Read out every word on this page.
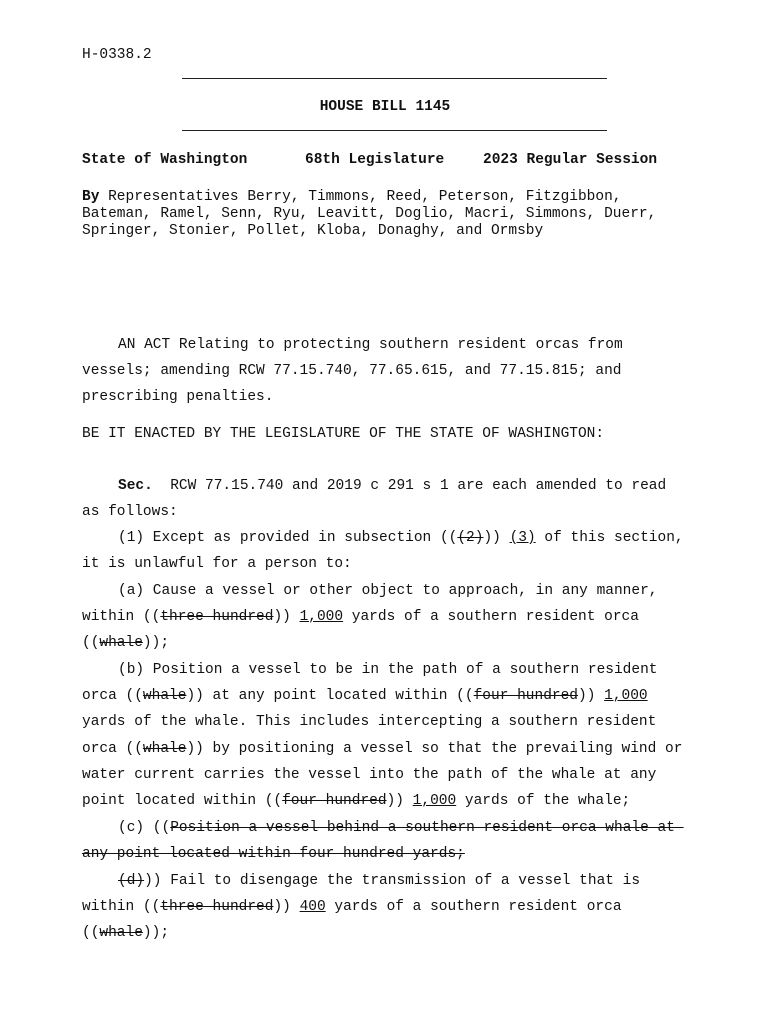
H-0338.2
HOUSE BILL 1145
State of Washington	68th Legislature	2023 Regular Session
By Representatives Berry, Timmons, Reed, Peterson, Fitzgibbon,
Bateman, Ramel, Senn, Ryu, Leavitt, Doglio, Macri, Simmons, Duerr,
Springer, Stonier, Pollet, Kloba, Donaghy, and Ormsby
AN ACT Relating to protecting southern resident orcas from
vessels; amending RCW 77.15.740, 77.65.615, and 77.15.815; and
prescribing penalties.
BE IT ENACTED BY THE LEGISLATURE OF THE STATE OF WASHINGTON:
Sec.  RCW 77.15.740 and 2019 c 291 s 1 are each amended to read
as follows:
(1) Except as provided in subsection (((2))) (3) of this section,
it is unlawful for a person to:
(a) Cause a vessel or other object to approach, in any manner,
within ((three hundred)) 1,000 yards of a southern resident orca
((whale));
(b) Position a vessel to be in the path of a southern resident
orca ((whale)) at any point located within ((four hundred)) 1,000
yards of the whale. This includes intercepting a southern resident
orca ((whale)) by positioning a vessel so that the prevailing wind or
water current carries the vessel into the path of the whale at any
point located within ((four hundred)) 1,000 yards of the whale;
(c) ((Position a vessel behind a southern resident orca whale at
any point located within four hundred yards;
(d))) Fail to disengage the transmission of a vessel that is
within ((three hundred)) 400 yards of a southern resident orca
((whale));
